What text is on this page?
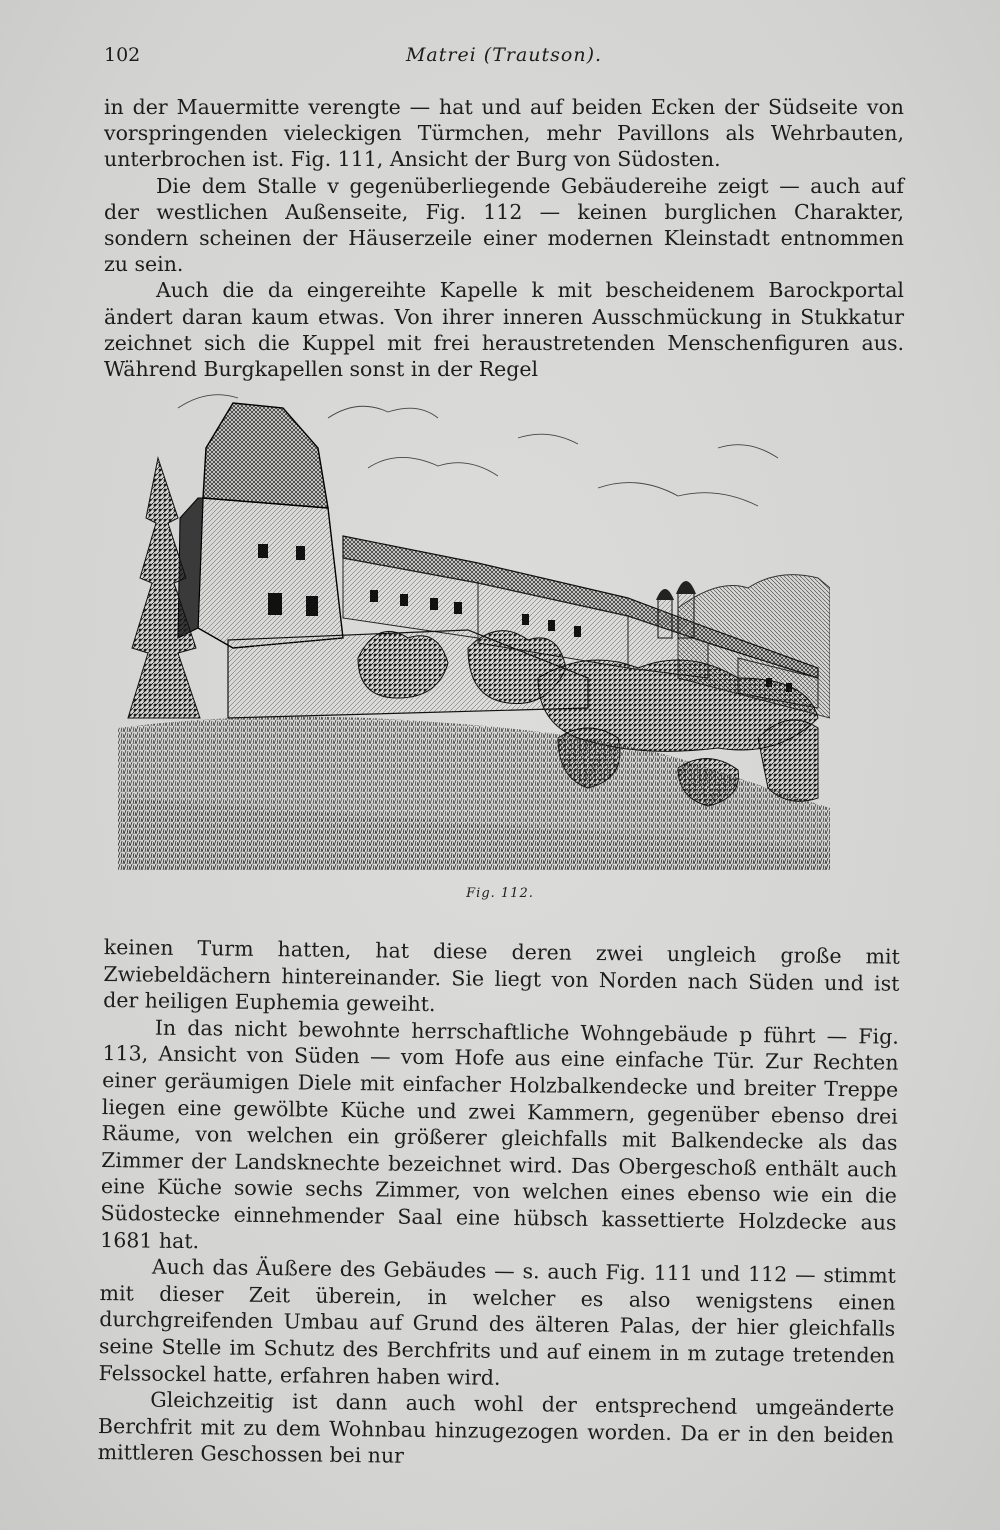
102	Matrei (Trautson).

in der Mauermitte verengte — hat und auf beiden Ecken der Südseite von vorspringenden vieleckigen Türmchen, mehr Pavillons als Wehrbauten, unterbrochen ist. Fig. 111, Ansicht der Burg von Südosten.

Die dem Stalle v gegenüberliegende Gebäudereihe zeigt — auch auf der westlichen Außenseite, Fig. 112 — keinen burglichen Charakter, sondern scheinen der Häuserzeile einer modernen Kleinstadt entnommen zu sein.

Auch die da eingereihte Kapelle k mit bescheidenem Barockportal ändert daran kaum etwas. Von ihrer inneren Ausschmückung in Stukkatur zeichnet sich die Kuppel mit frei heraustretenden Menschenfiguren aus. Während Burgkapellen sonst in der Regel

Fig. 112.

keinen Turm hatten, hat diese deren zwei ungleich große mit Zwiebeldächern hintereinander. Sie liegt von Norden nach Süden und ist der heiligen Euphemia geweiht.

In das nicht bewohnte herrschaftliche Wohngebäude p führt — Fig. 113, Ansicht von Süden — vom Hofe aus eine einfache Tür. Zur Rechten einer geräumigen Diele mit einfacher Holzbalkendecke und breiter Treppe liegen eine gewölbte Küche und zwei Kammern, gegenüber ebenso drei Räume, von welchen ein größerer gleichfalls mit Balkendecke als das Zimmer der Landsknechte bezeichnet wird. Das Obergeschoß enthält auch eine Küche sowie sechs Zimmer, von welchen eines ebenso wie ein die Südostecke einnehmender Saal eine hübsch kassettierte Holzdecke aus 1681 hat.

Auch das Äußere des Gebäudes — s. auch Fig. 111 und 112 — stimmt mit dieser Zeit überein, in welcher es also wenigstens einen durchgreifenden Umbau auf Grund des älteren Palas, der hier gleichfalls seine Stelle im Schutz des Berchfrits und auf einem in m zutage tretenden Felssockel hatte, erfahren haben wird.

Gleichzeitig ist dann auch wohl der entsprechend umgeänderte Berchfrit mit zu dem Wohnbau hinzugezogen worden. Da er in den beiden mittleren Geschossen bei nur
